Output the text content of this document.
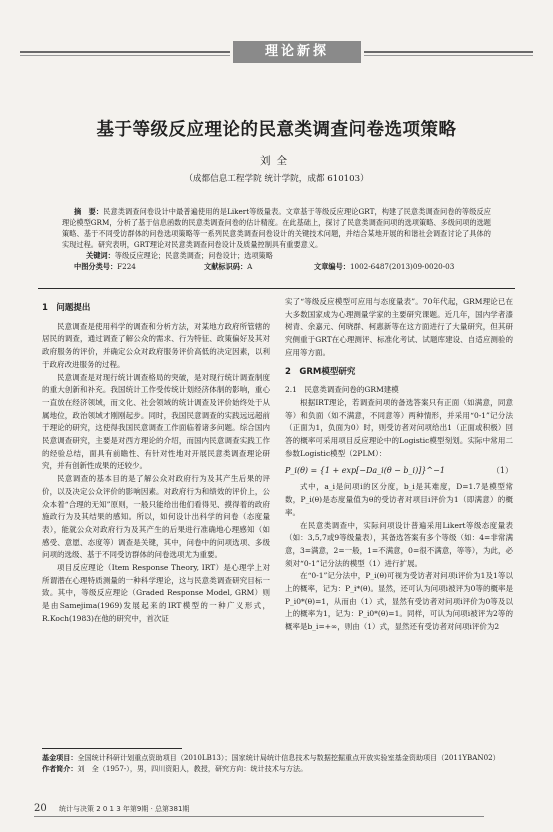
理论新探
基于等级反应理论的民意类调查问卷选项策略
刘全
（成都信息工程学院 统计学院，成都 610103）

摘　要：民意类调查问卷设计中最普遍使用的是Likert等级量表。文章基于等级反应理论GRT，构建了民意类调查问卷的等级反应理论模型GRM，分析了基于信息函数的民意类调查问卷的估计精度。在此基础上，探讨了民意类调查问项的选项策略、多级问项的选题策略、基于不同受访群体的问卷选项策略等一系列民意类调查问卷设计的关键技术问题，并结合某地开展的和谐社会调查讨论了具体的实现过程。研究表明，GRT理论对民意类调查问卷设计及质量控制具有重要意义。

关键词：等级反应理论；民意类调查；问卷设计；选项策略

中图分类号：F224	文献标识码：A	文章编号：1002-6487(2013)09-0020-03
1　问题提出

民意调查是使用科学的调查和分析方法，对某地方政府所管辖的居民的调查，通过调查了解公众的需求、行为特征、政策偏好及其对政府服务的评价，并确定公众对政府服务评价高低的决定因素，以利于政府改进服务的过程。

民意调查是对现行统计调查格局的突破，是对现行统计调查制度的重大创新和补充。我国统计工作受传统计划经济体制的影响，重心一直放在经济领域，而文化、社会领域的统计调查及评价始终处于从属地位，政治领域才刚刚起步。同时，我国民意调查的实践远远超前于理论的研究，这使得我国民意调查工作面临着诸多问题。综合国内民意调查研究，主要是对西方理论的介绍，而国内民意调查实践工作的经验总结，面具有前瞻性、有针对性地对开展民意类调查理论研究，并有创新性成果的还较少。

民意调查的基本目的是了解公众对政府行为及其产生后果的评价，以及决定公众评价的影响因素。对政府行为和绩效的评价上，公众本着“合理的无知”原则，一般只能给出他们看得见、摸得着的政府施政行为及其结果的感知。所以，如何设计出科学的问卷（态度量表），能就公众对政府行为及其产生的后果进行准确地心理感知（如感受、意愿、态度等）调查是关键，其中，问卷中的问项选项、多级问项的选级、基于不同受访群体的问卷选项尤为重要。

项目反应理论（Item Response Theory, IRT）是心理学上对所谓潜在心理特质测量的一种科学理论，这与民意类调查研究目标一致。其中，等级反应理论（Graded Response Model, GRM）则是由Samejima(1969)发展起来的IRT模型的一种广义形式，R.Koch(1983)在他的研究中，首次证

实了“等级反应模型可应用与态度量表”。70年代起，GRM理论已在大多数国家成为心理测量学家的主要研究课题。近几年，国内学者漆树青、余嘉元、何晓群、柯惠新等在这方面进行了大量研究，但其研究侧重于GRT在心理测评、标准化考试、试题库建设、自适应测验的应用等方面。

2　GRM模型研究
2.1　民意类调查问卷的GRM建模

根据IRT理论，若调查问项的备选答案只有正面（如满意，同意等）和负面（如不满意，不同意等）两种情形，并采用“0-1”记分法（正面为1，负面为0）时，则受访者对问项给出1（正面或积极）回答的概率可采用项目反应理论中的Logistic模型刻划。实际中常用二参数Logistic模型（2PLM）：

P_i(θ) = {1 + exp[−Da_i(θ − b_i)]}^−1	（1）

式中，a_i是问项i的区分度，b_i是其难度，D=1.7是模型常数，P_i(θ)是态度量值为θ的受访者对项目i评价为1（即满意）的概率。

在民意类调查中，实际问项设计普遍采用Likert等级态度量表（如：3,5,7或9等级量表），其备选答案有多个等级（如：4=非常满意，3=满意，2=一般，1=不满意，0=很不满意，等等），为此，必须对“0-1”记分法的模型（1）进行扩展。

在“0-1”记分法中，P_i(θ)可视为受访者对问项i评价为1及1等以上的概率，记为：P_i*(θ)。显然，还可认为问项i被评为0等的概率是P_i0*(θ)=1，从而由（1）式，显然有受访者对问项i评价为0等及以上的概率为1，记为：P_i0*(θ)=1。同样，可认为问项i被评为2等的概率是b_i=+∞，则由（1）式，显然还有受访者对问项i评价为2

基金项目：全国统计科研计划重点资助项目（2010LB13）；国家统计局统计信息技术与数据挖掘重点开放实验室基金资助项目（2011YBAN02）

作者简介：刘　全（1957-），男，四川资阳人，教授，研究方向：统计技术与方法。

20 统计与决策 2 0 1 3 年第9期 · 总第381期
